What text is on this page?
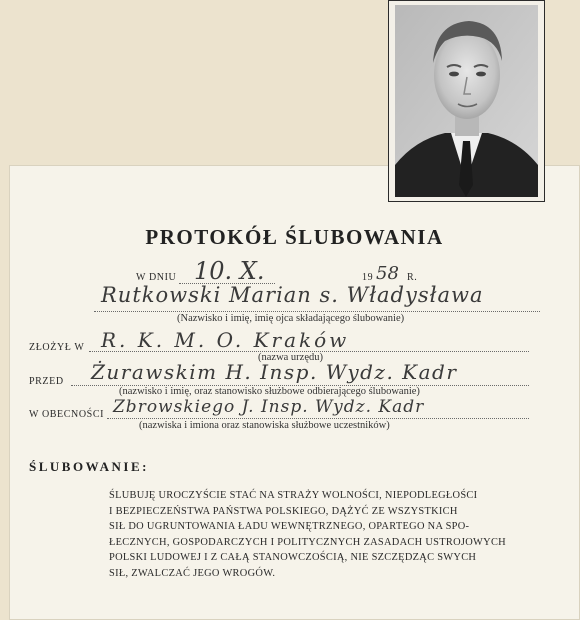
PROTOKÓŁ ŚLUBOWANIA
W DNIU 10. X.	19 58 R.
Rutkowski Marian s. Władysława
(Nazwisko i imię, imię ojca składającego ślubowanie)
ZŁOŻYŁ W R. K. M. O. Kraków
(nazwa urzędu)
PRZED Żurawskim H. Insp. Wydz. Kadr
(nazwisko i imię, oraz stanowisko służbowe odbierającego ślubowanie)
W OBECNOŚCI Zbrowskiego J. Insp. Wydz. Kadr
(nazwiska i imiona oraz stanowiska służbowe uczestników)
ŚLUBOWANIE:
ŚLUBUJĘ UROCZYŚCIE STAĆ NA STRAŻY WOLNOŚCI, NIEPODLEGŁOŚCI
I BEZPIECZEŃSTWA PAŃSTWA POLSKIEGO, DĄŻYĆ ZE WSZYSTKICH
SIŁ DO UGRUNTOWANIA ŁADU WEWNĘTRZNEGO, OPARTEGO NA SPO-
ŁECZNYCH, GOSPODARCZYCH I POLITYCZNYCH ZASADACH USTROJOWYCH
POLSKI LUDOWEJ I Z CAŁĄ STANOWCZOŚCIĄ, NIE SZCZĘDZĄC SWYCH
SIŁ, ZWALCZAĆ JEGO WROGÓW.
